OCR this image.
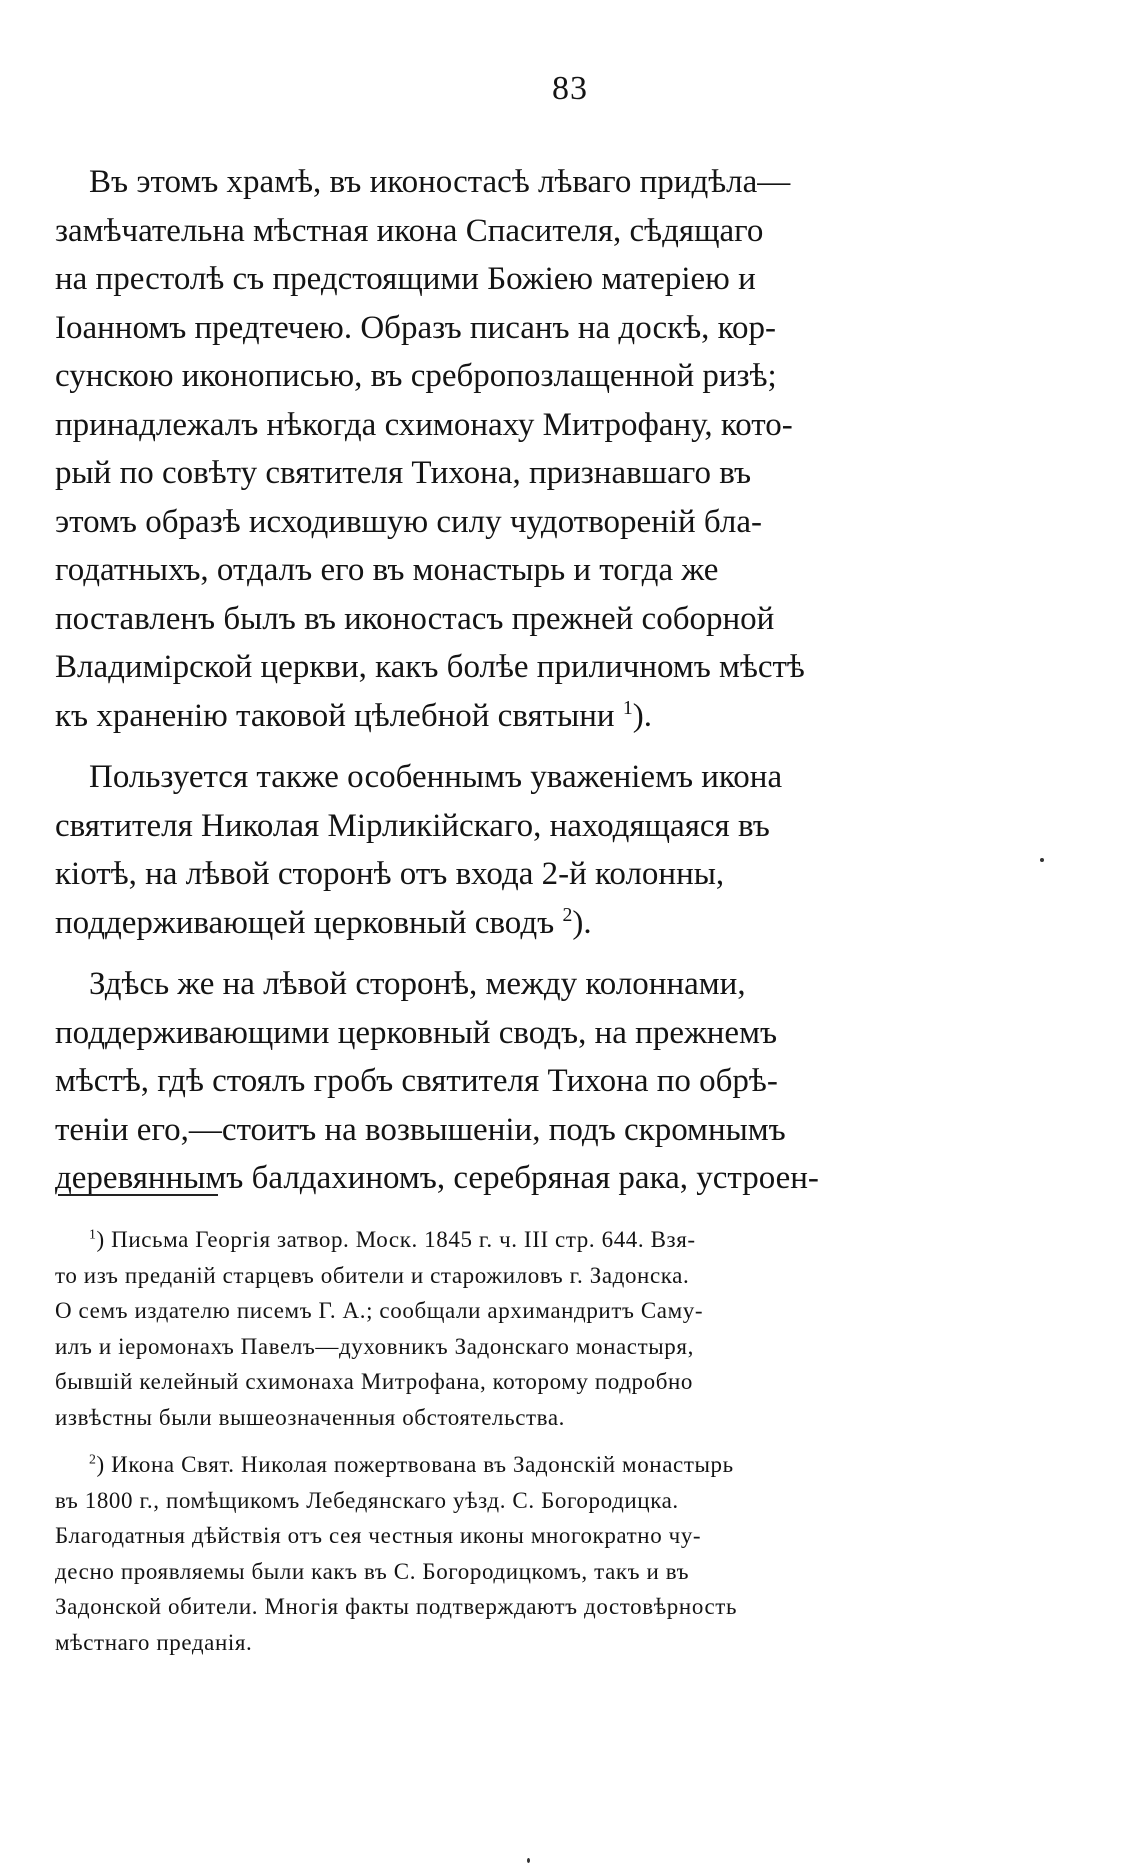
83
Въ этомъ храмѣ, въ иконостасѣ лѣваго придѣла—
замѣчательна мѣстная икона Спасителя, сѣдящаго
на престолѣ съ предстоящими Божіею матеріею и
Іоанномъ предтечею. Образъ писанъ на доскѣ, кор-
сунскою иконописью, въ сребропозлащенной ризѣ;
принадлежалъ нѣкогда схимонаху Митрофану, кото-
рый по совѣту святителя Тихона, признавшаго въ
этомъ образѣ исходившую силу чудотвореній бла-
годатныхъ, отдалъ его въ монастырь и тогда же
поставленъ былъ въ иконостасъ прежней соборной
Владимірской церкви, какъ болѣе приличномъ мѣстѣ
къ храненію таковой цѣлебной святыни $^1$).
Пользуется также особеннымъ уваженіемъ икона
святителя Николая Мірликійскаго, находящаяся въ
кіотѣ, на лѣвой сторонѣ отъ входа 2-й колонны,
поддерживающей церковный сводъ $^2$).
Здѣсь же на лѣвой сторонѣ, между колоннами,
поддерживающими церковный сводъ, на прежнемъ
мѣстѣ, гдѣ стоялъ гробъ святителя Тихона по обрѣ-
теніи его,—стоитъ на возвышеніи, подъ скромнымъ
деревяннымъ балдахиномъ, серебряная рака, устроен-
$^1$) Письма Георгія затвор. Моск. 1845 г. ч. III стр. 644. Взя-
то изъ преданій старцевъ обители и старожиловъ г. Задонска.
О семъ издателю писемъ Г. А.; сообщали архимандритъ Саму-
илъ и іеромонахъ Павелъ—духовникъ Задонскаго монастыря,
бывшій келейный схимонаха Митрофана, которому подробно
извѣстны были вышеозначенныя обстоятельства.
$^2$) Икона Свят. Николая пожертвована въ Задонскій монастырь
въ 1800 г., помѣщикомъ Лебедянскаго уѣзд. С. Богородицка.
Благодатныя дѣйствія отъ сея честныя иконы многократно чу-
десно проявляемы были какъ въ С. Богородицкомъ, такъ и въ
Задонской обители. Многія факты подтверждаютъ достовѣрность
мѣстнаго преданія.
